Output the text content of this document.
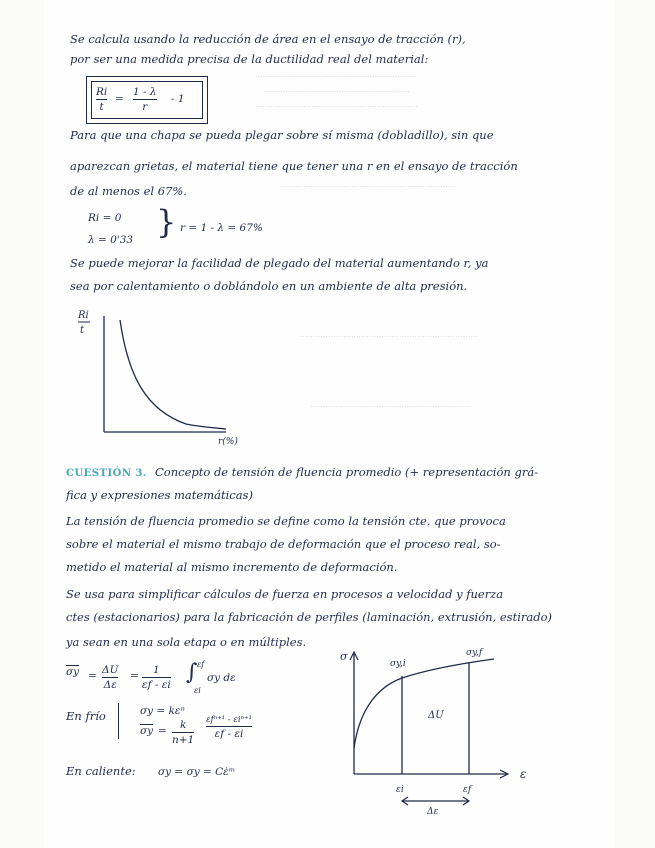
...............................................................
.........................................................
................................................................
.....................................................................
......................................................................
...............................................................
Se calcula usando la reducción de área en el ensayo de tracción (r),
por ser una medida precisa de la ductilidad real del material:
Ri
t
=
1 - λ
r
- 1
Para que una chapa se pueda plegar sobre sí misma (dobladillo), sin que
aparezcan grietas, el material tiene que tener una r en el ensayo de tracción
de al menos el 67%.
Ri = 0
λ = 0'33 } r = 1 - λ = 67%
Se puede mejorar la facilidad de plegado del material aumentando r, ya
sea por calentamiento o doblándolo en un ambiente de alta presión.
Ri
t
r(%)
CUESTIÓN 3. Concepto de tensión de fluencia promedio (+ representación grá-
fica y expresiones matemáticas)
La tensión de fluencia promedio se define como la tensión cte. que provoca
sobre el material el mismo trabajo de deformación que el proceso real, so-
metido el material al mismo incremento de deformación.
Se usa para simplificar cálculos de fuerza en procesos a velocidad y fuerza
ctes (estacionarios) para la fabricación de perfiles (laminación, extrusión, estirado)
ya sean en una sola etapa o en múltiples.
$\overline{\sigma y} = \Delta U$
Δε
= 1
εf - εi ∫ εf
εi
σy dε
En frío	σy = kεⁿ
$\overline{\sigma y} = k$
n+1
εfⁿ⁺¹ - εiⁿ⁺¹
εf - εi
En caliente: σy = σy = Cε̇ᵐ
σ
ε
σy,i
σy,f
ΔU
εi	εf
Δε
